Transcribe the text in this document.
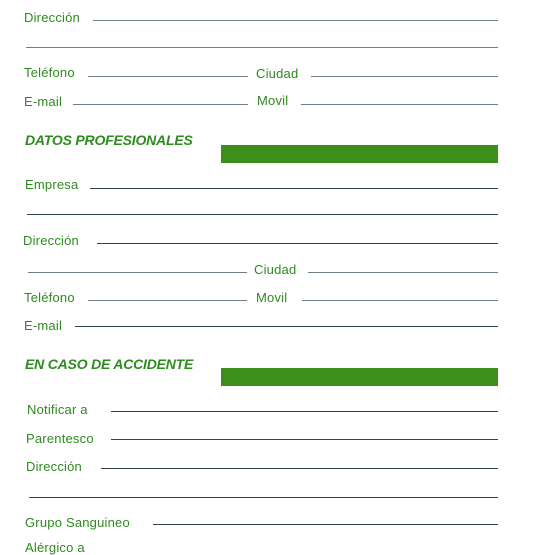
Dirección
Teléfono	Ciudad
E-mail	Movil
DATOS PROFESIONALES
Empresa
Dirección
Ciudad
Teléfono	Movil
E-mail
EN CASO DE ACCIDENTE
Notificar a
Parentesco
Dirección
Grupo Sanguineo
Alérgico a
